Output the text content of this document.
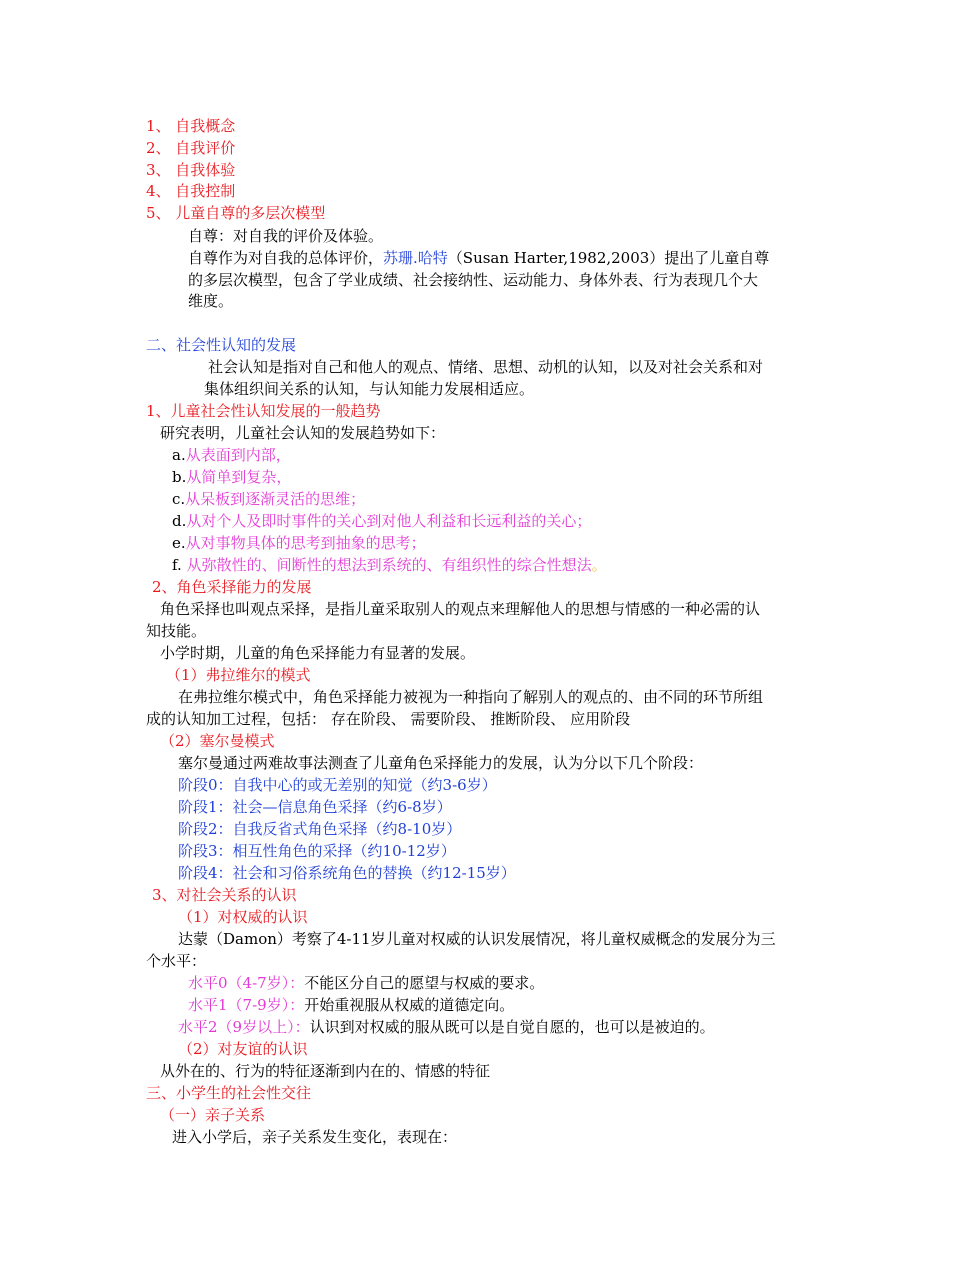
1、 自我概念
2、 自我评价
3、 自我体验
4、 自我控制
5、 儿童自尊的多层次模型
自尊：对自我的评价及体验。
自尊作为对自我的总体评价，苏珊.哈特（Susan Harter,1982,2003）提出了儿童自尊
的多层次模型，包含了学业成绩、社会接纳性、运动能力、身体外表、行为表现几个大
维度。
二、社会性认知的发展
社会认知是指对自己和他人的观点、情绪、思想、动机的认知，以及对社会关系和对
集体组织间关系的认知，与认知能力发展相适应。
1、儿童社会性认知发展的一般趋势
研究表明，儿童社会认知的发展趋势如下：
a.从表面到内部，
b.从简单到复杂，
c.从呆板到逐渐灵活的思维；
d.从对个人及即时事件的关心到对他人利益和长远利益的关心；
e.从对事物具体的思考到抽象的思考；
f. 从弥散性的、间断性的想法到系统的、有组织性的综合性想法。
2、角色采择能力的发展
角色采择也叫观点采择，是指儿童采取别人的观点来理解他人的思想与情感的一种必需的认
知技能。
小学时期，儿童的角色采择能力有显著的发展。
（1）弗拉维尔的模式
在弗拉维尔模式中，角色采择能力被视为一种指向了解别人的观点的、由不同的环节所组
成的认知加工过程，包括： 存在阶段、 需要阶段、 推断阶段、 应用阶段
（2）塞尔曼模式
塞尔曼通过两难故事法测查了儿童角色采择能力的发展，认为分以下几个阶段：
阶段0：自我中心的或无差别的知觉（约3-6岁）
阶段1：社会—信息角色采择（约6-8岁）
阶段2：自我反省式角色采择（约8-10岁）
阶段3：相互性角色的采择（约10-12岁）
阶段4：社会和习俗系统角色的替换（约12-15岁）
3、对社会关系的认识
（1）对权威的认识
达蒙（Damon）考察了4-11岁儿童对权威的认识发展情况，将儿童权威概念的发展分为三
个水平：
水平0（4-7岁）：不能区分自己的愿望与权威的要求。
水平1（7-9岁）：开始重视服从权威的道德定向。
水平2（9岁以上）：认识到对权威的服从既可以是自觉自愿的，也可以是被迫的。
（2）对友谊的认识
从外在的、行为的特征逐渐到内在的、情感的特征
三、小学生的社会性交往
（一）亲子关系
进入小学后，亲子关系发生变化，表现在：
